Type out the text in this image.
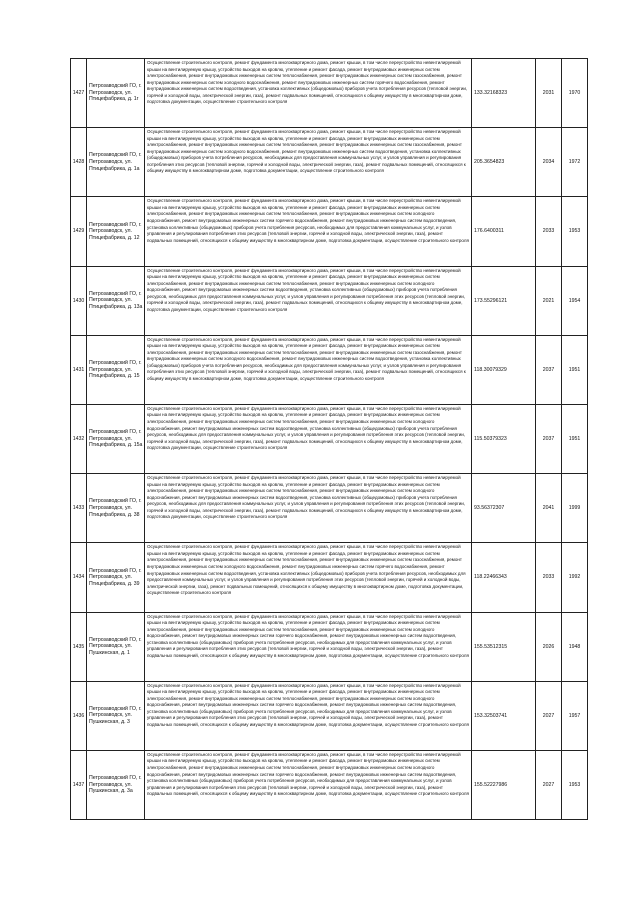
1427	Петрозаводский ГО, г. Петрозаводск, ул. Птицефабрика, д. 1г	Осуществление строительного контроля, ремонт фундамента многоквартирного дома, ремонт крыши, в том числе переустройство невентилируемой крыши на вентилируемую крышу, устройство выходов на кровлю, утепление и ремонт фасада, ремонт внутридомовых инженерных систем электроснабжения, ремонт внутридомовых инженерных систем теплоснабжения, ремонт внутридомовых инженерных систем газоснабжения, ремонт внутридомовых инженерных систем холодного водоснабжения, ремонт внутридомовых инженерных систем горячего водоснабжения, ремонт внутридомовых инженерных систем водоотведения, установка коллективных (общедомовых) приборов учета потребления ресурсов (тепловой энергии, горячей и холодной воды, электрической энергии, газа), ремонт подвальных помещений, относящихся к общему имуществу в многоквартирном доме, подготовка документации, осуществление строительного контроля	133.32168323	2031	1970
1428	Петрозаводский ГО, г. Петрозаводск, ул. Птицефабрика, д. 1а	Осуществление строительного контроля, ремонт фундамента многоквартирного дома, ремонт крыши, в том числе переустройство невентилируемой крыши на вентилируемую крышу, устройство выходов на кровлю, утепление и ремонт фасада, ремонт внутридомовых инженерных систем электроснабжения, ремонт внутридомовых инженерных систем теплоснабжения, ремонт внутридомовых инженерных систем газоснабжения, ремонт внутридомовых инженерных систем холодного водоснабжения, ремонт внутридомовых инженерных систем водоотведения, установка коллективных (общедомовых) приборов учета потребления ресурсов, необходимых для предоставления коммунальных услуг, и узлов управления и регулирования потребления этих ресурсов (тепловой энергии, горячей и холодной воды, электрической энергии, газа), ремонт подвальных помещений, относящихся к общему имуществу в многоквартирном доме, подготовка документации, осуществление строительного контроля	205.3654823	2034	1972
1429	Петрозаводский ГО, г. Петрозаводск, ул. Птицефабрика, д. 12	Осуществление строительного контроля, ремонт фундамента многоквартирного дома, ремонт крыши, в том числе переустройство невентилируемой крыши на вентилируемую крышу, устройство выходов на кровлю, утепление и ремонт фасада, ремонт внутридомовых инженерных систем электроснабжения, ремонт внутридомовых инженерных систем теплоснабжения, ремонт внутридомовых инженерных систем холодного водоснабжения, ремонт внутридомовых инженерных систем горячего водоснабжения, ремонт внутридомовых инженерных систем водоотведения, установка коллективных (общедомовых) приборов учета потребления ресурсов, необходимых для предоставления коммунальных услуг, и узлов управления и регулирования потребления этих ресурсов (тепловой энергии, горячей и холодной воды, электрической энергии, газа), ремонт подвальных помещений, относящихся к общему имуществу в многоквартирном доме, подготовка документации, осуществление строительного контроля	176.6400311	2033	1953
1430	Петрозаводский ГО, г. Петрозаводск, ул. Птицефабрика, д. 13а	Осуществление строительного контроля, ремонт фундамента многоквартирного дома, ремонт крыши, в том числе переустройство невентилируемой крыши на вентилируемую крышу, устройство выходов на кровлю, утепление и ремонт фасада, ремонт внутридомовых инженерных систем электроснабжения, ремонт внутридомовых инженерных систем теплоснабжения, ремонт внутридомовых инженерных систем холодного водоснабжения, ремонт внутридомовых инженерных систем водоотведения, установка коллективных (общедомовых) приборов учета потребления ресурсов, необходимых для предоставления коммунальных услуг, и узлов управления и регулирования потребления этих ресурсов (тепловой энергии, горячей и холодной воды, электрической энергии, газа), ремонт подвальных помещений, относящихся к общему имуществу в многоквартирном доме, подготовка документации, осуществление строительного контроля	173.55296121	2021	1954
1431	Петрозаводский ГО, г. Петрозаводск, ул. Птицефабрика, д. 15	Осуществление строительного контроля, ремонт фундамента многоквартирного дома, ремонт крыши, в том числе переустройство невентилируемой крыши на вентилируемую крышу, устройство выходов на кровлю, утепление и ремонт фасада, ремонт внутридомовых инженерных систем электроснабжения, ремонт внутридомовых инженерных систем теплоснабжения, ремонт внутридомовых инженерных систем газоснабжения, ремонт внутридомовых инженерных систем холодного водоснабжения, ремонт внутридомовых инженерных систем водоотведения, установка коллективных (общедомовых) приборов учета потребления ресурсов, необходимых для предоставления коммунальных услуг, и узлов управления и регулирования потребления этих ресурсов (тепловой энергии, горячей и холодной воды, электрической энергии, газа), ремонт подвальных помещений, относящихся к общему имуществу в многоквартирном доме, подготовка документации, осуществление строительного контроля	118.30079329	2037	1951
1432	Петрозаводский ГО, г. Петрозаводск, ул. Птицефабрика, д. 15а	Осуществление строительного контроля, ремонт фундамента многоквартирного дома, ремонт крыши, в том числе переустройство невентилируемой крыши на вентилируемую крышу, устройство выходов на кровлю, утепление и ремонт фасада, ремонт внутридомовых инженерных систем электроснабжения, ремонт внутридомовых инженерных систем теплоснабжения, ремонт внутридомовых инженерных систем холодного водоснабжения, ремонт внутридомовых инженерных систем водоотведения, установка коллективных (общедомовых) приборов учета потребления ресурсов, необходимых для предоставления коммунальных услуг, и узлов управления и регулирования потребления этих ресурсов (тепловой энергии, горячей и холодной воды, электрической энергии, газа), ремонт подвальных помещений, относящихся к общему имуществу в многоквартирном доме, подготовка документации, осуществление строительного контроля	115.50379323	2037	1951
1433	Петрозаводский ГО, г. Петрозаводск, ул. Птицефабрика, д. 38	Осуществление строительного контроля, ремонт фундамента многоквартирного дома, ремонт крыши, в том числе переустройство невентилируемой крыши на вентилируемую крышу, устройство выходов на кровлю, утепление и ремонт фасада, ремонт внутридомовых инженерных систем электроснабжения, ремонт внутридомовых инженерных систем теплоснабжения, ремонт внутридомовых инженерных систем холодного водоснабжения, ремонт внутридомовых инженерных систем водоотведения, установка коллективных (общедомовых) приборов учета потребления ресурсов, необходимых для предоставления коммунальных услуг, и узлов управления и регулирования потребления этих ресурсов (тепловой энергии, горячей и холодной воды, электрической энергии, газа), ремонт подвальных помещений, относящихся к общему имуществу в многоквартирном доме, подготовка документации, осуществление строительного контроля	93.56372307	2041	1999
1434	Петрозаводский ГО, г. Петрозаводск, ул. Птицефабрика, д. 39	Осуществление строительного контроля, ремонт фундамента многоквартирного дома, ремонт крыши, в том числе переустройство невентилируемой крыши на вентилируемую крышу, устройство выходов на кровлю, утепление и ремонт фасада, ремонт внутридомовых инженерных систем электроснабжения, ремонт внутридомовых инженерных систем теплоснабжения, ремонт внутридомовых инженерных систем газоснабжения, ремонт внутридомовых инженерных систем холодного водоснабжения, ремонт внутридомовых инженерных систем горячего водоснабжения, ремонт внутридомовых инженерных систем водоотведения, установка коллективных (общедомовых) приборов учета потребления ресурсов, необходимых для предоставления коммунальных услуг, и узлов управления и регулирования потребления этих ресурсов (тепловой энергии, горячей и холодной воды, электрической энергии, газа), ремонт подвальных помещений, относящихся к общему имуществу в многоквартирном доме, подготовка документации, осуществление строительного контроля	118.22466343	2033	1992
1435	Петрозаводский ГО, г. Петрозаводск, ул. Пушкинская, д. 1	Осуществление строительного контроля, ремонт фундамента многоквартирного дома, ремонт крыши, в том числе переустройство невентилируемой крыши на вентилируемую крышу, устройство выходов на кровлю, утепление и ремонт фасада, ремонт внутридомовых инженерных систем электроснабжения, ремонт внутридомовых инженерных систем теплоснабжения, ремонт внутридомовых инженерных систем холодного водоснабжения, ремонт внутридомовых инженерных систем горячего водоснабжения, ремонт внутридомовых инженерных систем водоотведения, установка коллективных (общедомовых) приборов учета потребления ресурсов, необходимых для предоставления коммунальных услуг, и узлов управления и регулирования потребления этих ресурсов (тепловой энергии, горячей и холодной воды, электрической энергии, газа), ремонт подвальных помещений, относящихся к общему имуществу в многоквартирном доме, подготовка документации, осуществление строительного контроля	155.53512315	2026	1948
1436	Петрозаводский ГО, г. Петрозаводск, ул. Пушкинская, д. 3	Осуществление строительного контроля, ремонт фундамента многоквартирного дома, ремонт крыши, в том числе переустройство невентилируемой крыши на вентилируемую крышу, устройство выходов на кровлю, утепление и ремонт фасада, ремонт внутридомовых инженерных систем электроснабжения, ремонт внутридомовых инженерных систем теплоснабжения, ремонт внутридомовых инженерных систем холодного водоснабжения, ремонт внутридомовых инженерных систем горячего водоснабжения, ремонт внутридомовых инженерных систем водоотведения, установка коллективных (общедомовых) приборов учета потребления ресурсов, необходимых для предоставления коммунальных услуг, и узлов управления и регулирования потребления этих ресурсов (тепловой энергии, горячей и холодной воды, электрической энергии, газа), ремонт подвальных помещений, относящихся к общему имуществу в многоквартирном доме, подготовка документации, осуществление строительного контроля	153.32503741	2027	1957
1437	Петрозаводский ГО, г. Петрозаводск, ул. Пушкинская, д. 3а	Осуществление строительного контроля, ремонт фундамента многоквартирного дома, ремонт крыши, в том числе переустройство невентилируемой крыши на вентилируемую крышу, устройство выходов на кровлю, утепление и ремонт фасада, ремонт внутридомовых инженерных систем электроснабжения, ремонт внутридомовых инженерных систем теплоснабжения, ремонт внутридомовых инженерных систем холодного водоснабжения, ремонт внутридомовых инженерных систем горячего водоснабжения, ремонт внутридомовых инженерных систем водоотведения, установка коллективных (общедомовых) приборов учета потребления ресурсов, необходимых для предоставления коммунальных услуг, и узлов управления и регулирования потребления этих ресурсов (тепловой энергии, горячей и холодной воды, электрической энергии, газа), ремонт подвальных помещений, относящихся к общему имуществу в многоквартирном доме, подготовка документации, осуществление строительного контроля	155.52227986	2027	1953
